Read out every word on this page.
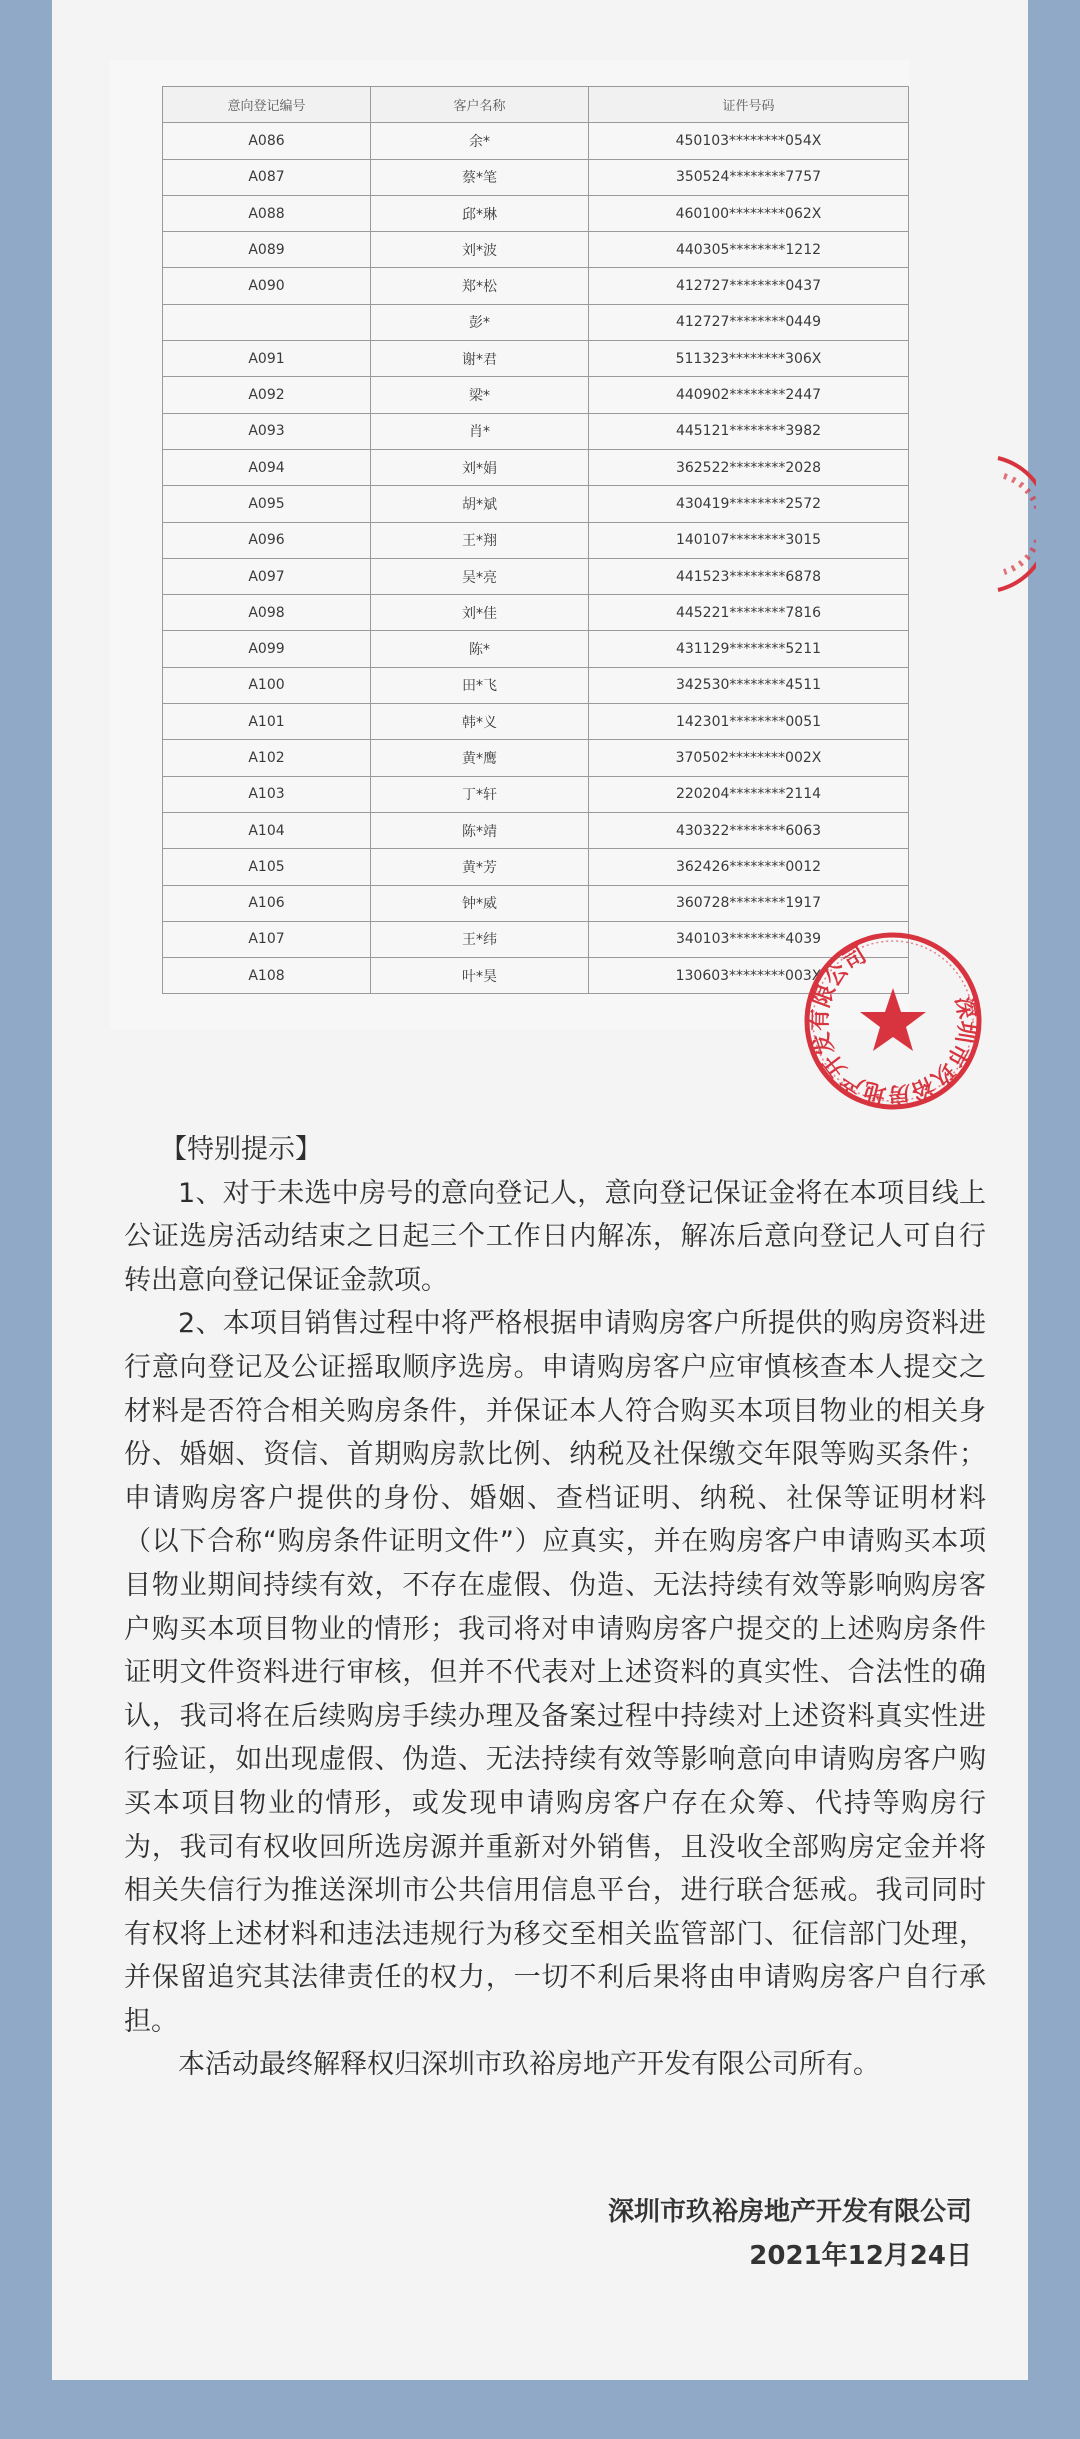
意向登记编号	客户名称	证件号码
A086	余*	450103********054X
A087	蔡*笔	350524********7757
A088	邱*琳	460100********062X
A089	刘*波	440305********1212
A090	郑*松	412727********0437
	彭*	412727********0449
A091	谢*君	511323********306X
A092	梁*	440902********2447
A093	肖*	445121********3982
A094	刘*娟	362522********2028
A095	胡*斌	430419********2572
A096	王*翔	140107********3015
A097	吴*亮	441523********6878
A098	刘*佳	445221********7816
A099	陈*	431129********5211
A100	田*飞	342530********4511
A101	韩*义	142301********0051
A102	黄*鹰	370502********002X
A103	丁*轩	220204********2114
A104	陈*靖	430322********6063
A105	黄*芳	362426********0012
A106	钟*威	360728********1917
A107	王*纬	340103********4039
A108	叶*昊	130603********003X
深圳市玖裕房地产开发有限公司

【特别提示】

1、对于未选中房号的意向登记人，意向登记保证金将在本项目线上公证选房活动结束之日起三个工作日内解冻，解冻后意向登记人可自行转出意向登记保证金款项。

2、本项目销售过程中将严格根据申请购房客户所提供的购房资料进行意向登记及公证摇取顺序选房。申请购房客户应审慎核查本人提交之材料是否符合相关购房条件，并保证本人符合购买本项目物业的相关身份、婚姻、资信、首期购房款比例、纳税及社保缴交年限等购买条件；申请购房客户提供的身份、婚姻、查档证明、纳税、社保等证明材料（以下合称“购房条件证明文件”）应真实，并在购房客户申请购买本项目物业期间持续有效，不存在虚假、伪造、无法持续有效等影响购房客户购买本项目物业的情形；我司将对申请购房客户提交的上述购房条件证明文件资料进行审核，但并不代表对上述资料的真实性、合法性的确认，我司将在后续购房手续办理及备案过程中持续对上述资料真实性进行验证，如出现虚假、伪造、无法持续有效等影响意向申请购房客户购买本项目物业的情形，或发现申请购房客户存在众筹、代持等购房行为，我司有权收回所选房源并重新对外销售，且没收全部购房定金并将相关失信行为推送深圳市公共信用信息平台，进行联合惩戒。我司同时有权将上述材料和违法违规行为移交至相关监管部门、征信部门处理，并保留追究其法律责任的权力，一切不利后果将由申请购房客户自行承担。

本活动最终解释权归深圳市玖裕房地产开发有限公司所有。

深圳市玖裕房地产开发有限公司
2021年12月24日
